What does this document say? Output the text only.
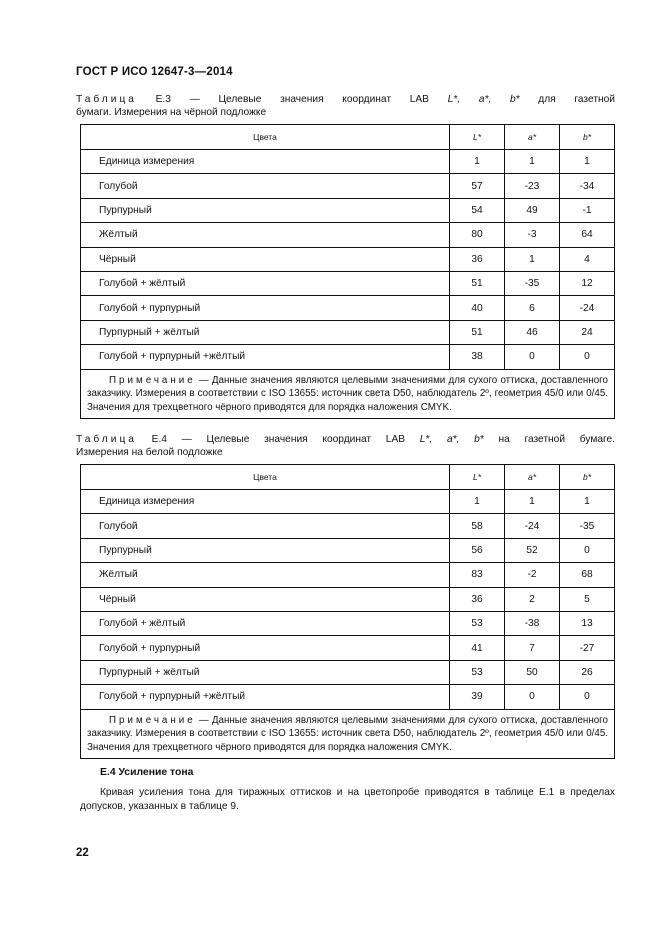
ГОСТ Р ИСО 12647-3—2014
Таблица Е.3 — Целевые значения координат LAB L*, a*, b* для газетной
бумаги. Измерения на чёрной подложке
Цвета	L*	a*	b*
Единица измерения	1	1	1
Голубой	57	-23	-34
Пурпурный	54	49	-1
Жёлтый	80	-3	64
Чёрный	36	1	4
Голубой + жёлтый	51	-35	12
Голубой + пурпурный	40	6	-24
Пурпурный + жёлтый	51	46	24
Голубой + пурпурный +жёлтый	38	0	0
Примечание — Данные значения являются целевыми значениями для сухого оттиска, доставленного заказчику. Измерения в соответствии с ISO 13655: источник света D50, наблюдатель 2º, геометрия 45/0 или 0/45. Значения для трехцветного чёрного приводятся для порядка наложения CMYK.			
Таблица Е.4 — Целевые значения координат LAB L*, a*, b* на газетной бумаге.
Измерения на белой подложке
Цвета	L*	a*	b*
Единица измерения	1	1	1
Голубой	58	-24	-35
Пурпурный	56	52	0
Жёлтый	83	-2	68
Чёрный	36	2	5
Голубой + жёлтый	53	-38	13
Голубой + пурпурный	41	7	-27
Пурпурный + жёлтый	53	50	26
Голубой + пурпурный +жёлтый	39	0	0
Примечание — Данные значения являются целевыми значениями для сухого оттиска, доставленного заказчику. Измерения в соответствии с ISO 13655: источник света D50, наблюдатель 2º, геометрия 45/0 или 0/45. Значения для трехцветного чёрного приводятся для порядка наложения CMYK.			
Е.4 Усиление тона
Кривая усиления тона для тиражных оттисков и на цветопробе приводятся в таблице Е.1 в пределах допусков, указанных в таблице 9.
22
